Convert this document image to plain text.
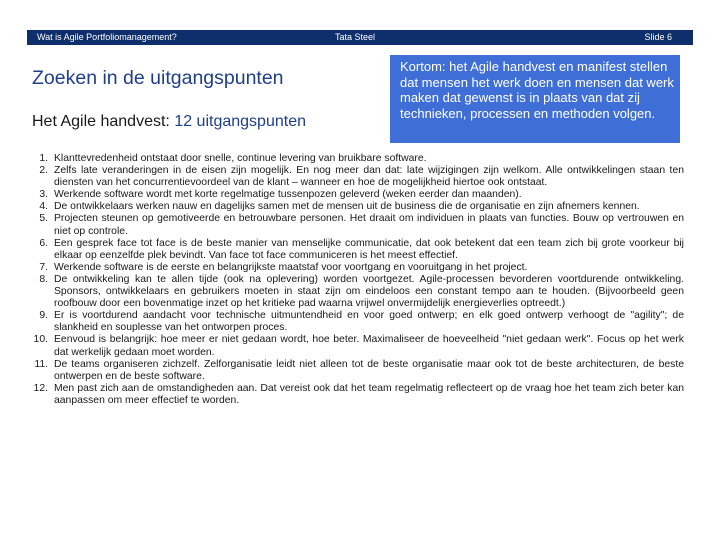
Wat is Agile Portfoliomanagement?	Tata Steel	Slide 6
Zoeken in de uitgangspunten
Het Agile handvest: 12 uitgangspunten
Kortom: het Agile handvest en manifest stellen dat mensen het werk doen en mensen dat werk maken dat gewenst is in plaats van dat zij technieken, processen en methoden volgen.
1. Klanttevredenheid ontstaat door snelle, continue levering van bruikbare software.
2. Zelfs late veranderingen in de eisen zijn mogelijk. En nog meer dan dat: late wijzigingen zijn welkom. Alle ontwikkelingen staan ten diensten van het concurrentievoordeel van de klant – wanneer en hoe de mogelijkheid hiertoe ook ontstaat.
3. Werkende software wordt met korte regelmatige tussenpozen geleverd (weken eerder dan maanden).
4. De ontwikkelaars werken nauw en dagelijks samen met de mensen uit de business die de organisatie en zijn afnemers kennen.
5. Projecten steunen op gemotiveerde en betrouwbare personen. Het draait om individuen in plaats van functies. Bouw op vertrouwen en niet op controle.
6. Een gesprek face tot face is de beste manier van menselijke communicatie, dat ook betekent dat een team zich bij grote voorkeur bij elkaar op eenzelfde plek bevindt. Van face tot face communiceren is het meest effectief.
7. Werkende software is de eerste en belangrijkste maatstaf voor voortgang en vooruitgang in het project.
8. De ontwikkeling kan te allen tijde (ook na oplevering) worden voortgezet. Agile-processen bevorderen voortdurende ontwikkeling. Sponsors, ontwikkelaars en gebruikers moeten in staat zijn om eindeloos een constant tempo aan te houden. (Bijvoorbeeld geen roofbouw door een bovenmatige inzet op het kritieke pad waarna vrijwel onvermijdelijk energieverlies optreedt.)
9. Er is voortdurend aandacht voor technische uitmuntendheid en voor goed ontwerp; en elk goed ontwerp verhoogt de "agility"; de slankheid en souplesse van het ontworpen proces.
10. Eenvoud is belangrijk: hoe meer er niet gedaan wordt, hoe beter. Maximaliseer de hoeveelheid "niet gedaan werk". Focus op het werk dat werkelijk gedaan moet worden.
11. De teams organiseren zichzelf. Zelforganisatie leidt niet alleen tot de beste organisatie maar ook tot de beste architecturen, de beste ontwerpen en de beste software.
12. Men past zich aan de omstandigheden aan. Dat vereist ook dat het team regelmatig reflecteert op de vraag hoe het team zich beter kan aanpassen om meer effectief te worden.
